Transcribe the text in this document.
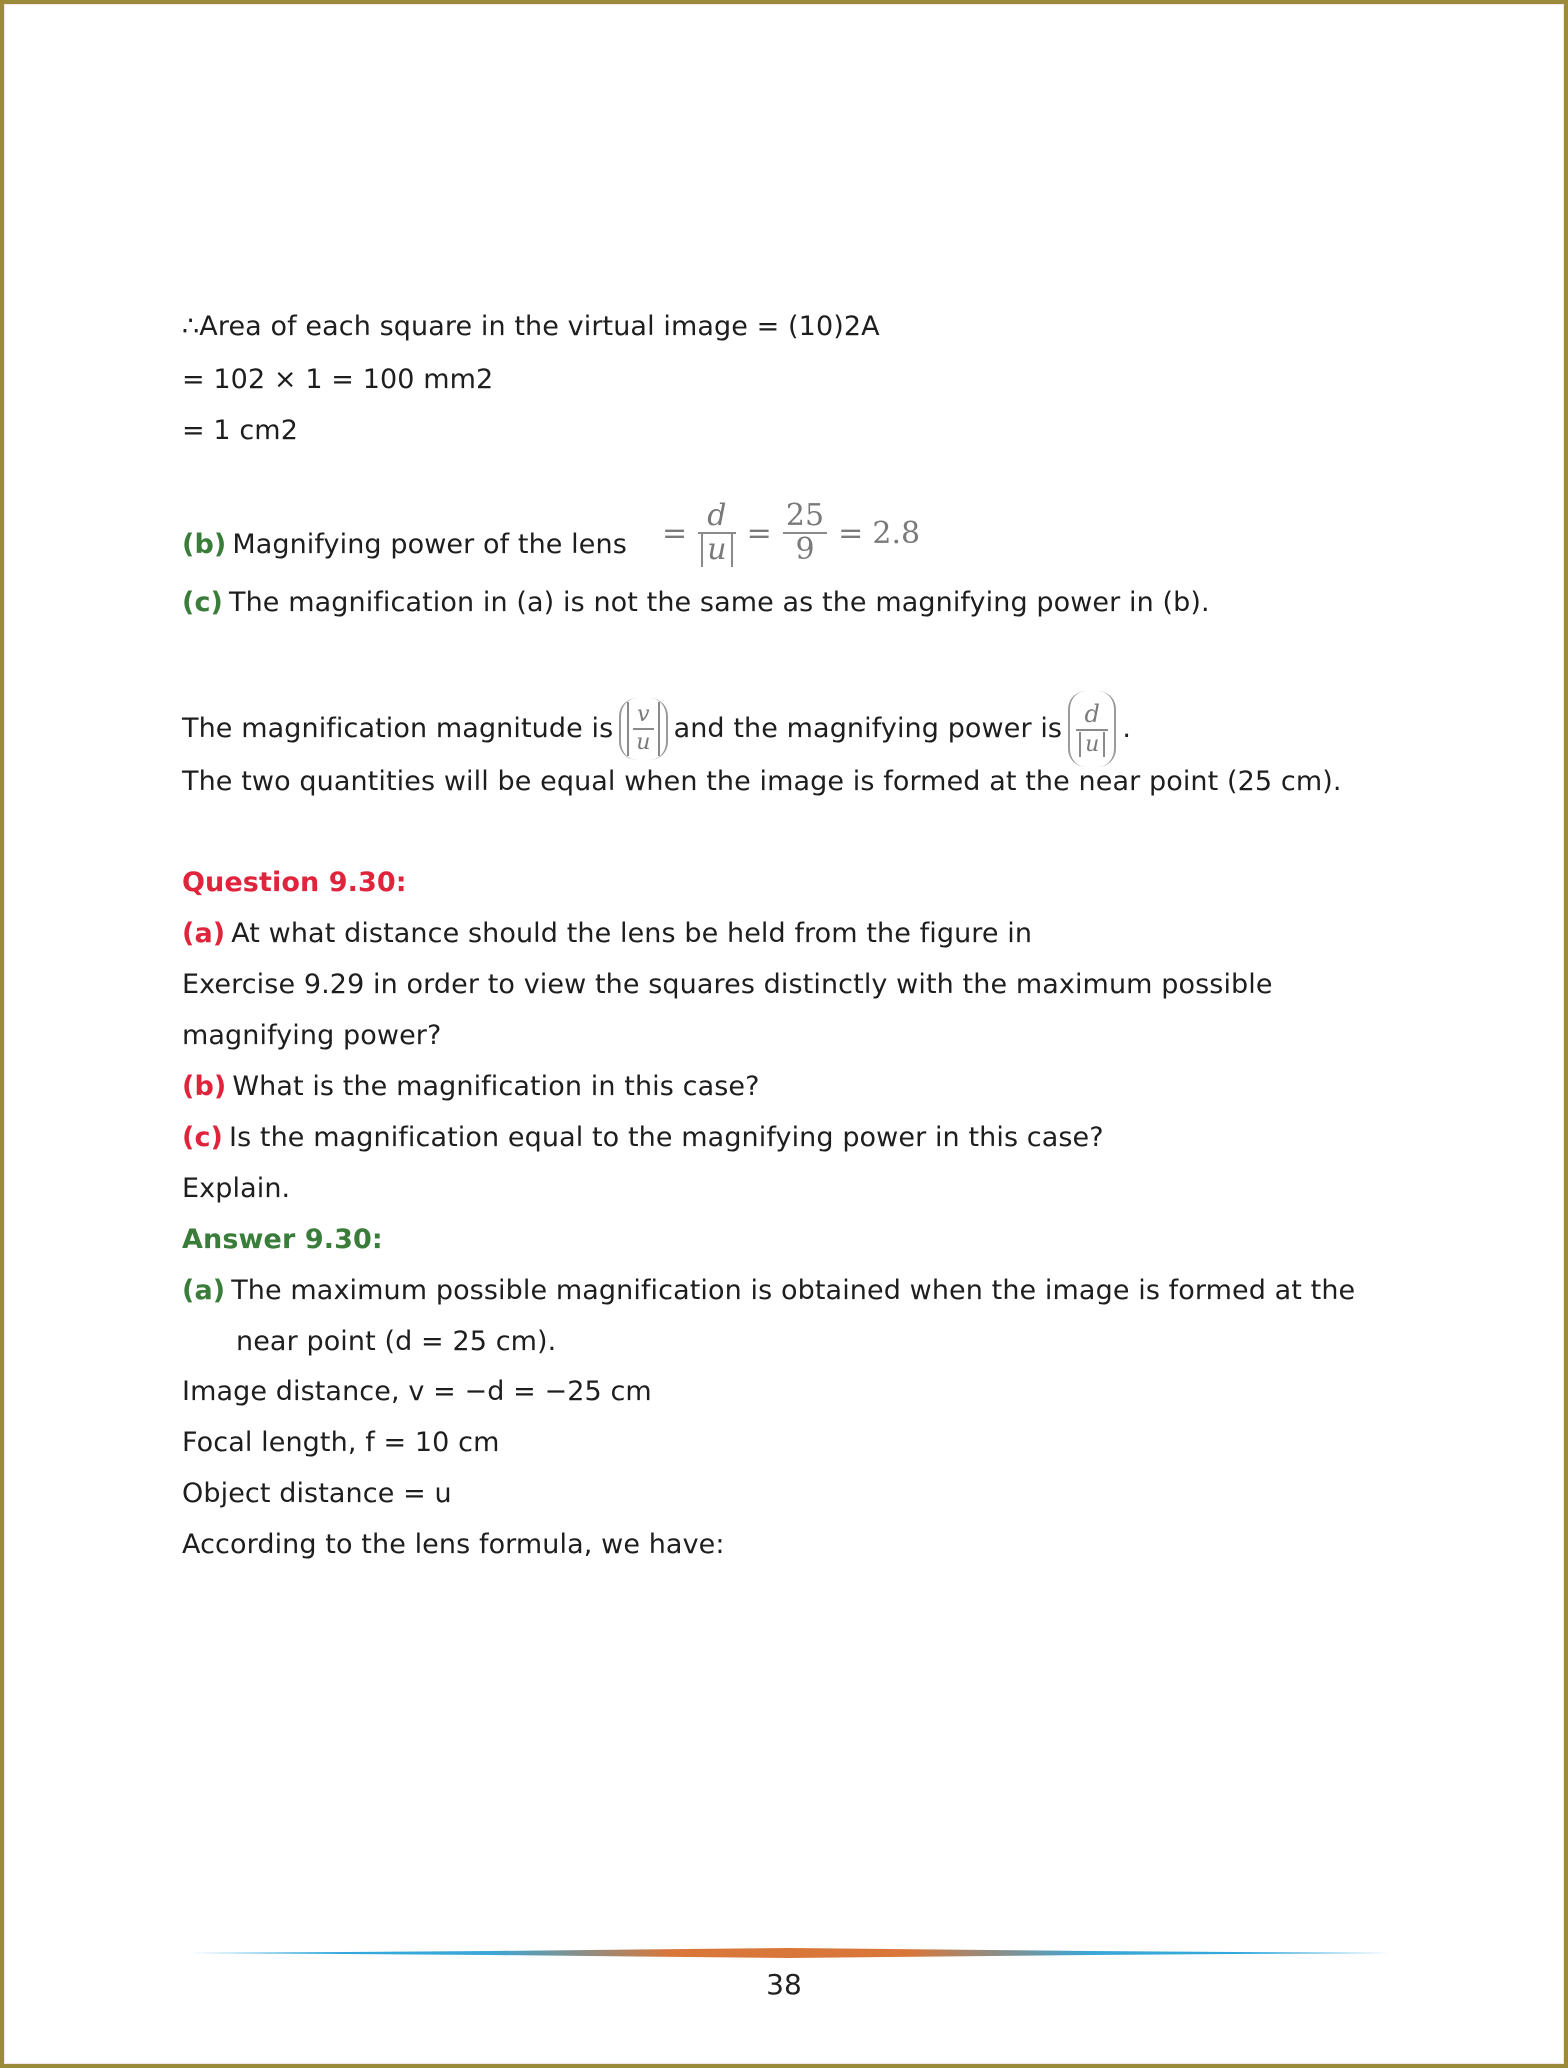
∴Area of each square in the virtual image = (10)2A
= 102 × 1 = 100 mm2
= 1 cm2
(b) Magnifying power of the lens = $\frac{d}{u} = \frac{25}{9} = 2.8$
(c) The magnification in (a) is not the same as the magnifying power in (b).
The magnification magnitude is $\frac{v}{u}$ and the magnifying power is $\frac{d}{u}$ .
The two quantities will be equal when the image is formed at the near point (25 cm).
Question 9.30:
(a) At what distance should the lens be held from the figure in
Exercise 9.29 in order to view the squares distinctly with the maximum possible
magnifying power?
(b) What is the magnification in this case?
(c) Is the magnification equal to the magnifying power in this case?
Explain.
Answer 9.30:
(a) The maximum possible magnification is obtained when the image is formed at the
near point (d = 25 cm).
Image distance, v = −d = −25 cm
Focal length, f = 10 cm
Object distance = u
According to the lens formula, we have:
38
